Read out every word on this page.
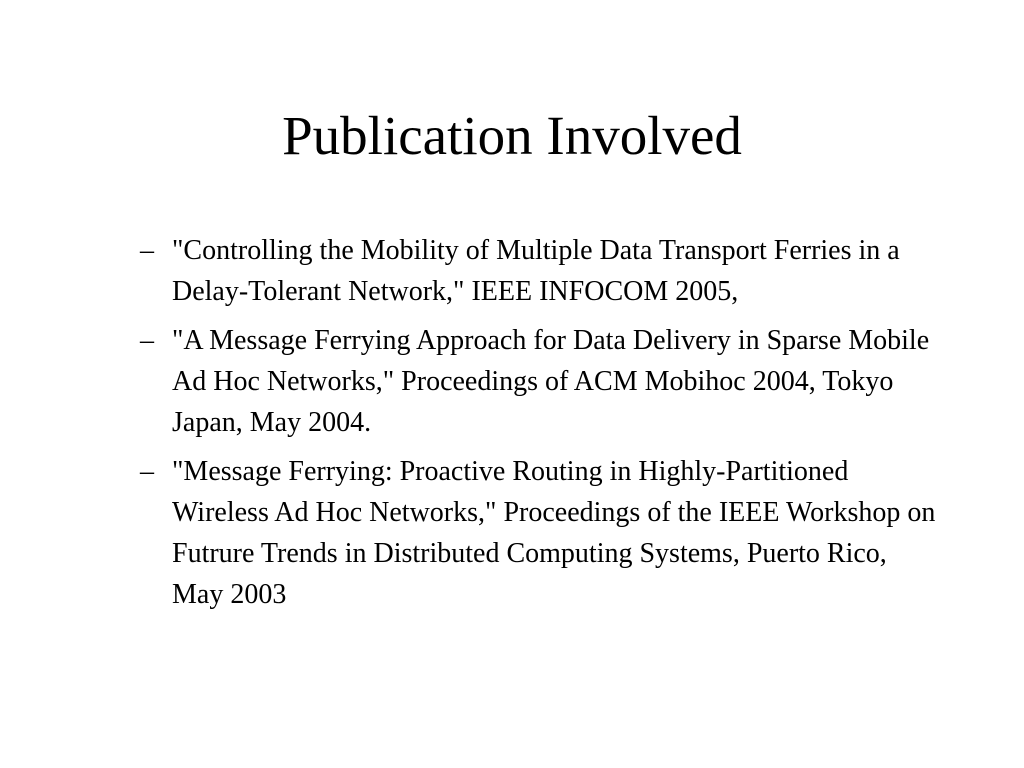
Publication Involved
– "Controlling the Mobility of Multiple Data Transport Ferries in a Delay-Tolerant Network," IEEE INFOCOM 2005,
– "A Message Ferrying Approach for Data Delivery in Sparse Mobile Ad Hoc Networks," Proceedings of ACM Mobihoc 2004, Tokyo Japan, May 2004.
– "Message Ferrying: Proactive Routing in Highly-Partitioned Wireless Ad Hoc Networks," Proceedings of the IEEE Workshop on Futrure Trends in Distributed Computing Systems, Puerto Rico, May 2003
